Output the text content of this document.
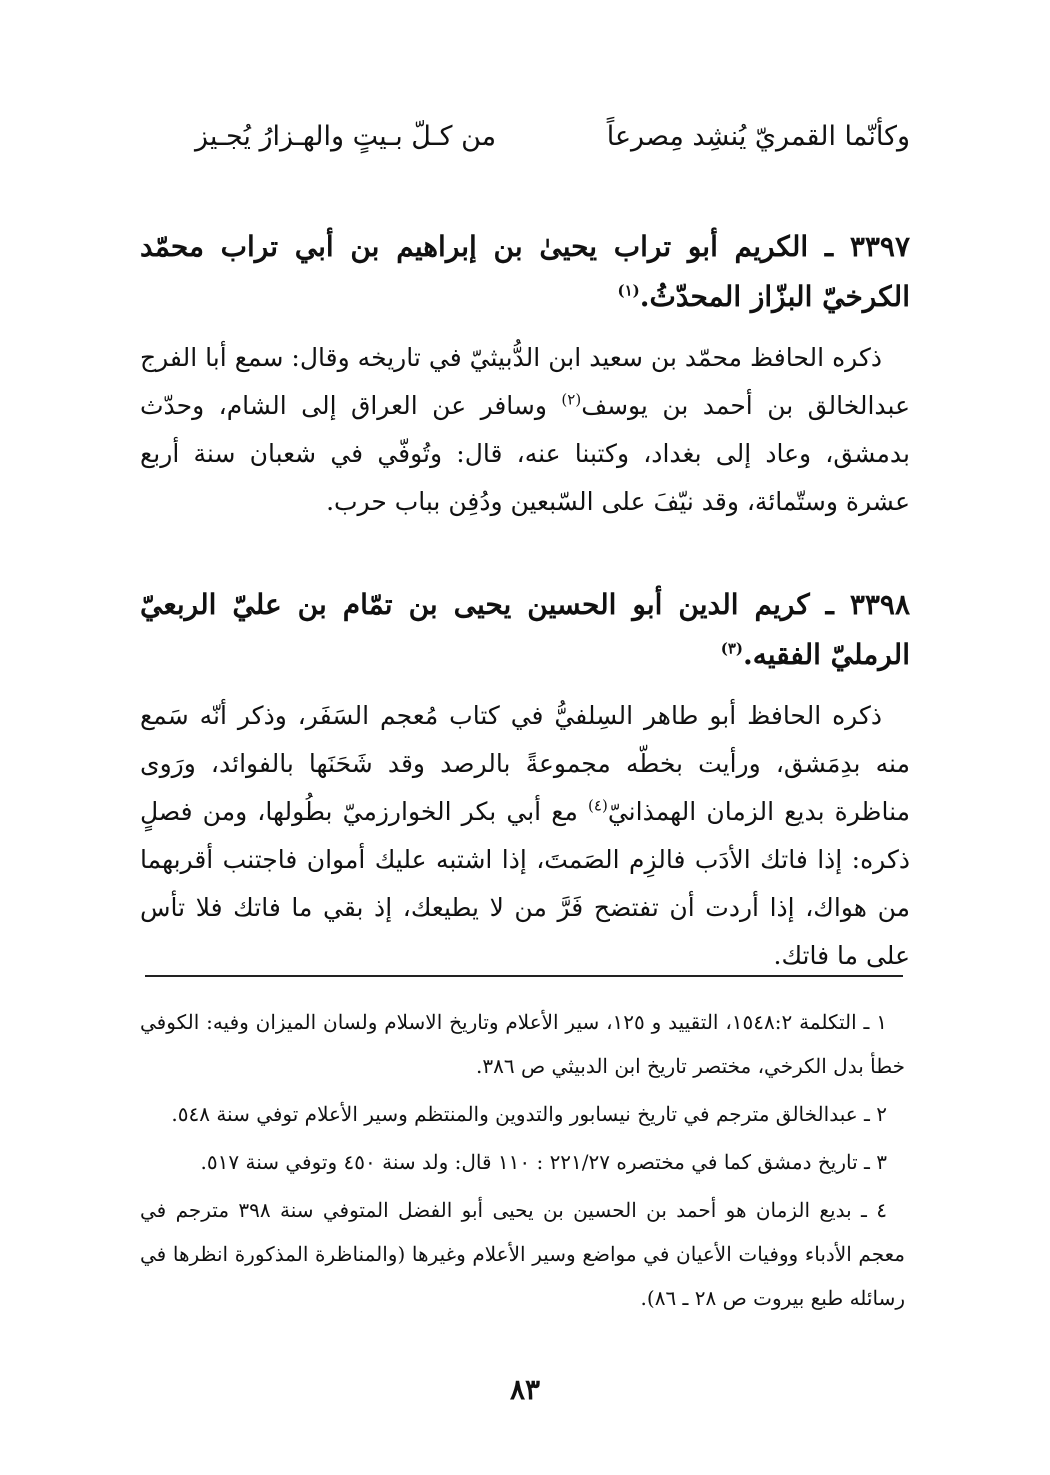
وكأنّما القمريّ يُنشِد مِصرعاً
من كـلّ بـيتٍ والهـزارُ يُجـيز

٣٣٩٧ ـ الكريم أبو تراب يحيىٰ بن إبراهيم بن أبي تراب محمّد الكرخيّ البزّاز المحدّثُ.$^{(١)}$

ذكره الحافظ محمّد بن سعيد ابن الدُّبيثيّ في تاريخه وقال: سمع أبا الفرج عبدالخالق بن أحمد بن يوسف$^{(٢)}$ وسافر عن العراق إلى الشام، وحدّث بدمشق، وعاد إلى بغداد، وكتبنا عنه، قال: وتُوفّي في شعبان سنة أربع عشرة وستّمائة، وقد نيّفَ على السّبعين ودُفِن بباب حرب.

٣٣٩٨ ـ كريم الدين أبو الحسين يحيى بن تمّام بن عليّ الربعيّ الرمليّ الفقيه.$^{(٣)}$

ذكره الحافظ أبو طاهر السِلفيُّ في كتاب مُعجم السَفَر، وذكر أنّه سَمع منه بدِمَشق، ورأيت بخطّه مجموعةً بالرصد وقد شَحَنَها بالفوائد، ورَوى مناظرة بديع الزمان الهمذانيّ$^{(٤)}$ مع أبي بكر الخوارزميّ بطُولها، ومن فصلٍ ذكره: إذا فاتك الأدَب فالزِم الصَمتَ، إذا اشتبه عليك أموان فاجتنب أقربهما من هواك، إذا أردت أن تفتضح فَرَّ من لا يطيعك، إذ بقي ما فاتك فلا تأس على ما فاتك.

١ ـ التكلمة ١٥٤٨:٢، التقييد و ١٢٥، سير الأعلام وتاريخ الاسلام ولسان الميزان وفيه: الكوفي خطأ بدل الكرخي، مختصر تاريخ ابن الدبيثي ص ٣٨٦.

٢ ـ عبدالخالق مترجم في تاريخ نيسابور والتدوين والمنتظم وسير الأعلام توفي سنة ٥٤٨.

٣ ـ تاريخ دمشق كما في مختصره ٢٢١/٢٧ : ١١٠ قال: ولد سنة ٤٥٠ وتوفي سنة ٥١٧.

٤ ـ بديع الزمان هو أحمد بن الحسين بن يحيى أبو الفضل المتوفي سنة ٣٩٨ مترجم في معجم الأدباء ووفيات الأعيان في مواضع وسير الأعلام وغيرها (والمناظرة المذكورة انظرها في رسائله طبع بيروت ص ٢٨ ـ ٨٦).

٨٣
